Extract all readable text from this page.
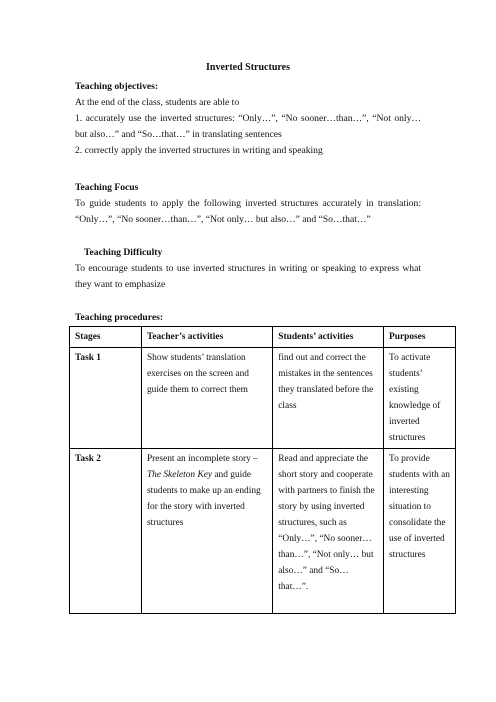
Inverted Structures
Teaching objectives:
At the end of the class, students are able to
1. accurately use the inverted structures: “Only…”, “No sooner…than…”, “Not only… but also…” and “So…that…” in translating sentences
2. correctly apply the inverted structures in writing and speaking
Teaching Focus
To guide students to apply the following inverted structures accurately in translation: “Only…”, “No sooner…than…”, “Not only… but also…” and “So…that…”
Teaching Difficulty
To encourage students to use inverted structures in writing or speaking to express what they want to emphasize
Teaching procedures:
Stages	Teacher’s activities	Students’ activities	Purposes
Task 1	Show students’ translation exercises on the screen and guide them to correct them	find out and correct the mistakes in the sentences they translated before the class	To activate students’ existing knowledge of inverted structures
Task 2	Present an incomplete story – The Skeleton Key and guide students to make up an ending for the story with inverted structures	Read and appreciate the short story and cooperate with partners to finish the story by using inverted structures, such as “Only…”, “No sooner…than…”, “Not only… but also…” and “So…that…”.	To provide students with an interesting situation to consolidate the use of inverted structures
